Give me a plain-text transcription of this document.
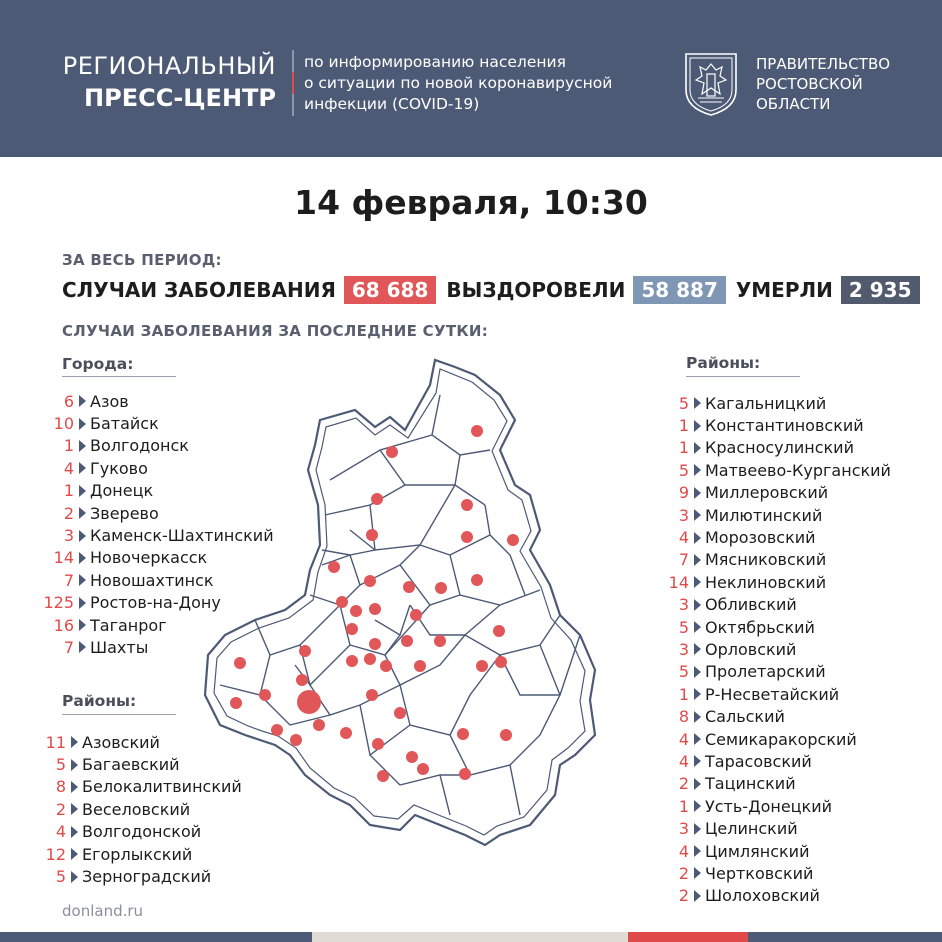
РЕГИОНАЛЬНЫЙ
ПРЕСС-ЦЕНТР
по информированию населения
о ситуации по новой коронавирусной
инфекции (COVID-19)
ПРАВИТЕЛЬСТВО
РОСТОВСКОЙ
ОБЛАСТИ
14 февраля, 10:30
ЗА ВЕСЬ ПЕРИОД:
СЛУЧАИ ЗАБОЛЕВАНИЯ 68 688 ВЫЗДОРОВЕЛИ 58 887 УМЕРЛИ 2 935
СЛУЧАИ ЗАБОЛЕВАНИЯ ЗА ПОСЛЕДНИЕ СУТКИ:
Города:
6 Азов
10 Батайск
1 Волгодонск
4 Гуково
1 Донецк
2 Зверево
3 Каменск-Шахтинский
14 Новочеркасск
7 Новошахтинск
125 Ростов-на-Дону
16 Таганрог
7 Шахты
Районы:
11 Азовский
5 Багаевский
8 Белокалитвинский
2 Веселовский
4 Волгодонской
12 Егорлыкский
5 Зерноградский
Районы:
5 Кагальницкий
1 Константиновский
1 Красносулинский
5 Матвеево-Курганский
9 Миллеровский
3 Милютинский
4 Морозовский
7 Мясниковский
14 Неклиновский
3 Обливский
5 Октябрьский
3 Орловский
5 Пролетарский
1 Р-Несветайский
8 Сальский
4 Семикаракорский
4 Тарасовский
2 Тацинский
1 Усть-Донецкий
3 Целинский
4 Цимлянский
2 Чертковский
2 Шолоховский
donland.ru
